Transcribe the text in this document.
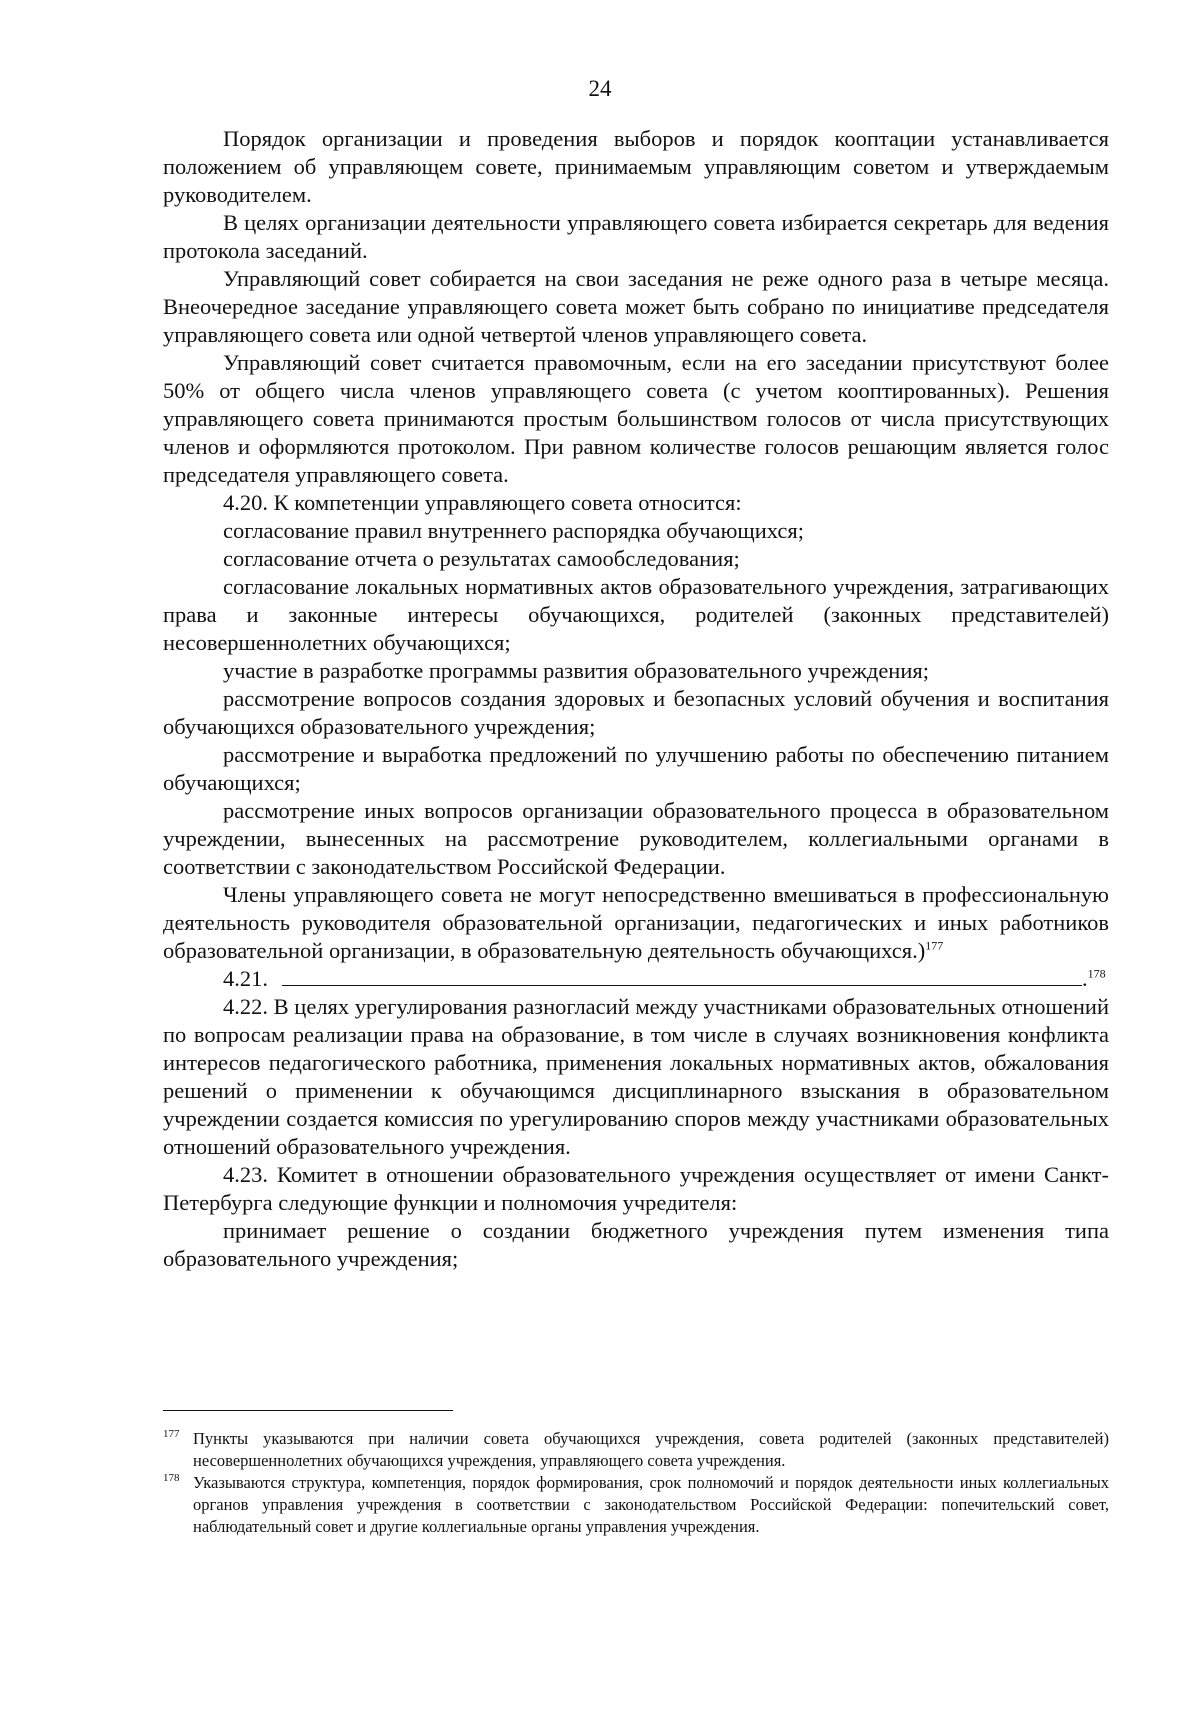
24

Порядок организации и проведения выборов и порядок кооптации устанавливается положением об управляющем совете, принимаемым управляющим советом и утверждаемым руководителем.

В целях организации деятельности управляющего совета избирается секретарь для ведения протокола заседаний.

Управляющий совет собирается на свои заседания не реже одного раза в четыре месяца. Внеочередное заседание управляющего совета может быть собрано по инициативе председателя управляющего совета или одной четвертой членов управляющего совета.

Управляющий совет считается правомочным, если на его заседании присутствуют более 50% от общего числа членов управляющего совета (с учетом кооптированных). Решения управляющего совета принимаются простым большинством голосов от числа присутствующих членов и оформляются протоколом. При равном количестве голосов решающим является голос председателя управляющего совета.

4.20. К компетенции управляющего совета относится:

согласование правил внутреннего распорядка обучающихся;

согласование отчета о результатах самообследования;

согласование локальных нормативных актов образовательного учреждения, затрагивающих права и законные интересы обучающихся, родителей (законных представителей) несовершеннолетних обучающихся;

участие в разработке программы развития образовательного учреждения;

рассмотрение вопросов создания здоровых и безопасных условий обучения и воспитания обучающихся образовательного учреждения;

рассмотрение и выработка предложений по улучшению работы по обеспечению питанием обучающихся;

рассмотрение иных вопросов организации образовательного процесса в образовательном учреждении, вынесенных на рассмотрение руководителем, коллегиальными органами в соответствии с законодательством Российской Федерации.

Члены управляющего совета не могут непосредственно вмешиваться в профессиональную деятельность руководителя образовательной организации, педагогических и иных работников образовательной организации, в образовательную деятельность обучающихся.)$^{177}$

4.21.	.$^{178}$

4.22. В целях урегулирования разногласий между участниками образовательных отношений по вопросам реализации права на образование, в том числе в случаях возникновения конфликта интересов педагогического работника, применения локальных нормативных актов, обжалования решений о применении к обучающимся дисциплинарного взыскания в образовательном учреждении создается комиссия по урегулированию споров между участниками образовательных отношений образовательного учреждения.

4.23. Комитет в отношении образовательного учреждения осуществляет от имени Санкт-Петербурга следующие функции и полномочия учредителя:

принимает решение о создании бюджетного учреждения путем изменения типа образовательного учреждения;

177 Пункты указываются при наличии совета обучающихся учреждения, совета родителей (законных представителей) несовершеннолетних обучающихся учреждения, управляющего совета учреждения.
178 Указываются структура, компетенция, порядок формирования, срок полномочий и порядок деятельности иных коллегиальных органов управления учреждения в соответствии с законодательством Российской Федерации: попечительский совет, наблюдательный совет и другие коллегиальные органы управления учреждения.
